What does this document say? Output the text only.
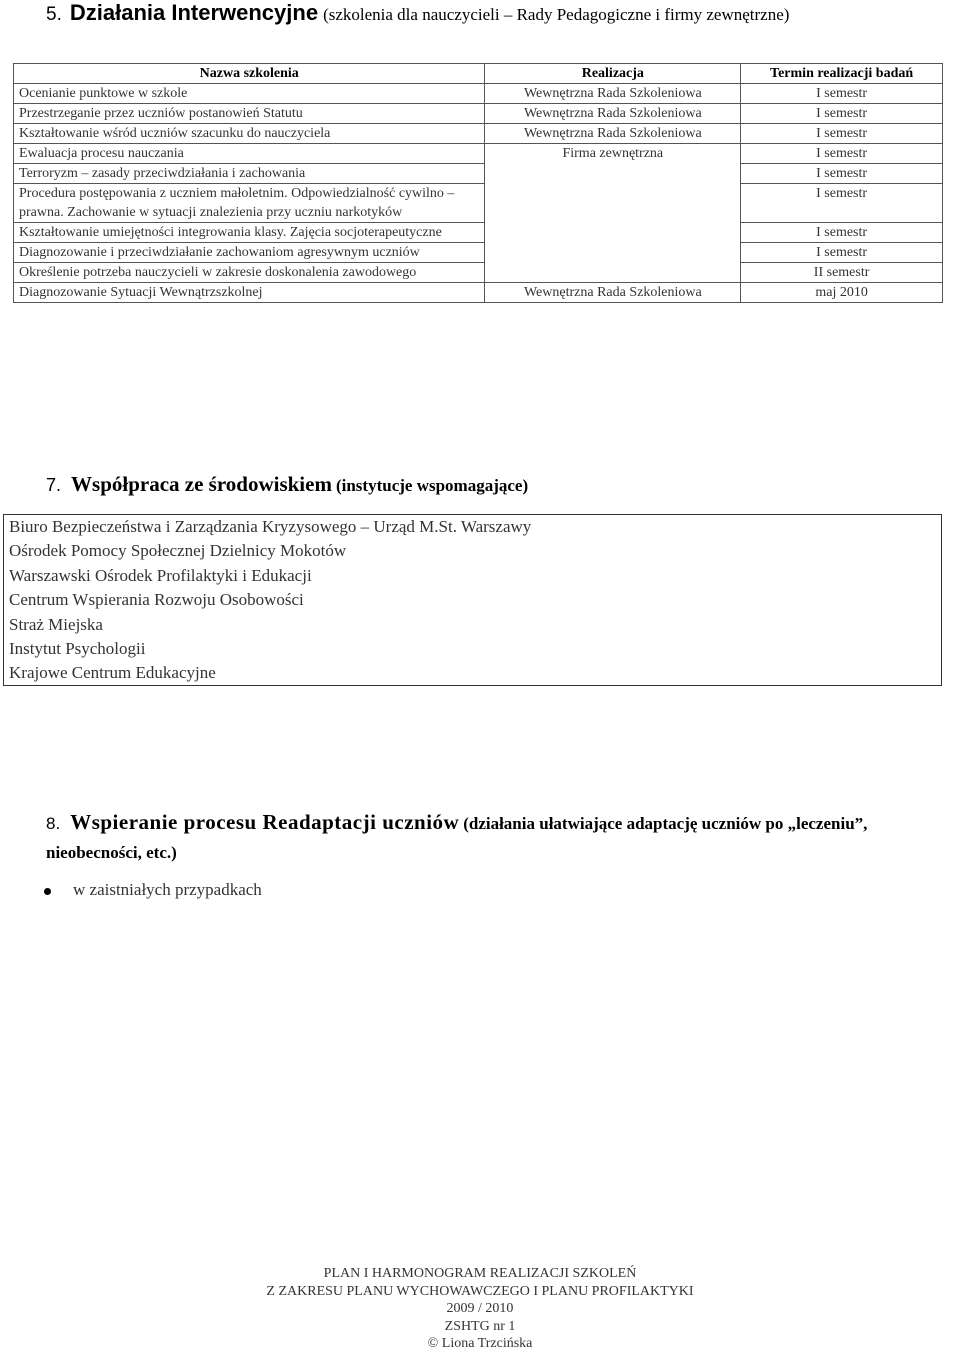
5. Działania Interwencyjne (szkolenia dla nauczycieli – Rady Pedagogiczne i firmy zewnętrzne)
Nazwa szkolenia	Realizacja	Termin realizacji badań
Ocenianie punktowe w szkole	Wewnętrzna Rada Szkoleniowa	I semestr
Przestrzeganie przez uczniów postanowień Statutu	Wewnętrzna Rada Szkoleniowa	I semestr
Kształtowanie wśród uczniów szacunku do nauczyciela	Wewnętrzna Rada Szkoleniowa	I semestr
Ewaluacja procesu nauczania	Firma zewnętrzna	I semestr
Terroryzm – zasady przeciwdziałania i zachowania		I semestr
Procedura postępowania z uczniem małoletnim. Odpowiedzialność cywilno – prawna. Zachowanie w sytuacji znalezienia przy uczniu narkotyków		I semestr
Kształtowanie umiejętności integrowania klasy. Zajęcia socjoterapeutyczne		I semestr
Diagnozowanie i przeciwdziałanie zachowaniom agresywnym uczniów		I semestr
Określenie potrzeba nauczycieli w zakresie doskonalenia zawodowego		II semestr
Diagnozowanie Sytuacji Wewnątrzszkolnej	Wewnętrzna Rada Szkoleniowa	maj 2010
7. Współpraca ze środowiskiem (instytucje wspomagające)
Biuro Bezpieczeństwa i Zarządzania Kryzysowego – Urząd M.St. Warszawy
Ośrodek Pomocy Społecznej Dzielnicy Mokotów
Warszawski Ośrodek Profilaktyki i Edukacji
Centrum Wspierania Rozwoju Osobowości
Straż Miejska
Instytut Psychologii
Krajowe Centrum Edukacyjne
8. Wspieranie procesu Readaptacji uczniów (działania ułatwiające adaptację uczniów po „leczeniu”, nieobecności, etc.)
w zaistniałych przypadkach
PLAN I HARMONOGRAM REALIZACJI SZKOLEŃ
Z ZAKRESU PLANU WYCHOWAWCZEGO I PLANU PROFILAKTYKI
2009 / 2010
ZSHTG nr 1
© Liona Trzcińska
